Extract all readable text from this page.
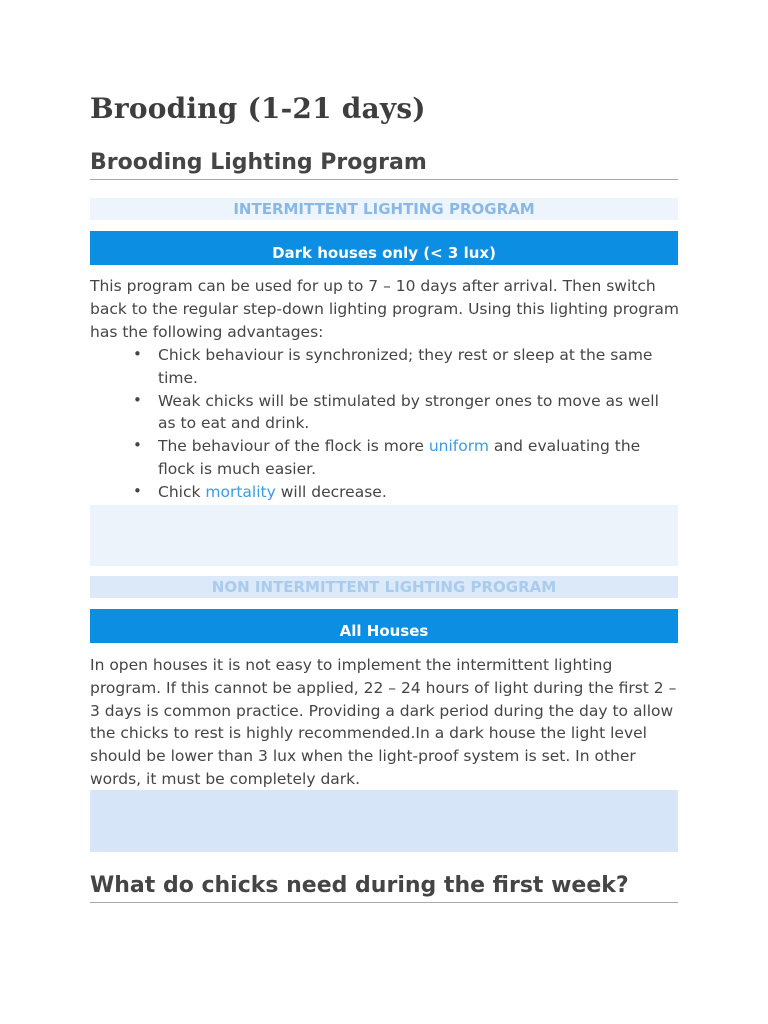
Brooding (1-21 days)
Brooding Lighting Program
INTERMITTENT LIGHTING PROGRAM
Dark houses only (< 3 lux)
This program can be used for up to 7 – 10 days after arrival. Then switch back to the regular step-down lighting program. Using this lighting program has the following advantages:
• Chick behaviour is synchronized; they rest or sleep at the same time.
• Weak chicks will be stimulated by stronger ones to move as well as to eat and drink.
• The behaviour of the flock is more uniform and evaluating the flock is much easier.
• Chick mortality will decrease.
NON INTERMITTENT LIGHTING PROGRAM
All Houses
In open houses it is not easy to implement the intermittent lighting program. If this cannot be applied, 22 – 24 hours of light during the first 2 – 3 days is common practice. Providing a dark period during the day to allow the chicks to rest is highly recommended.In a dark house the light level should be lower than 3 lux when the light-proof system is set. In other words, it must be completely dark.
What do chicks need during the first week?
